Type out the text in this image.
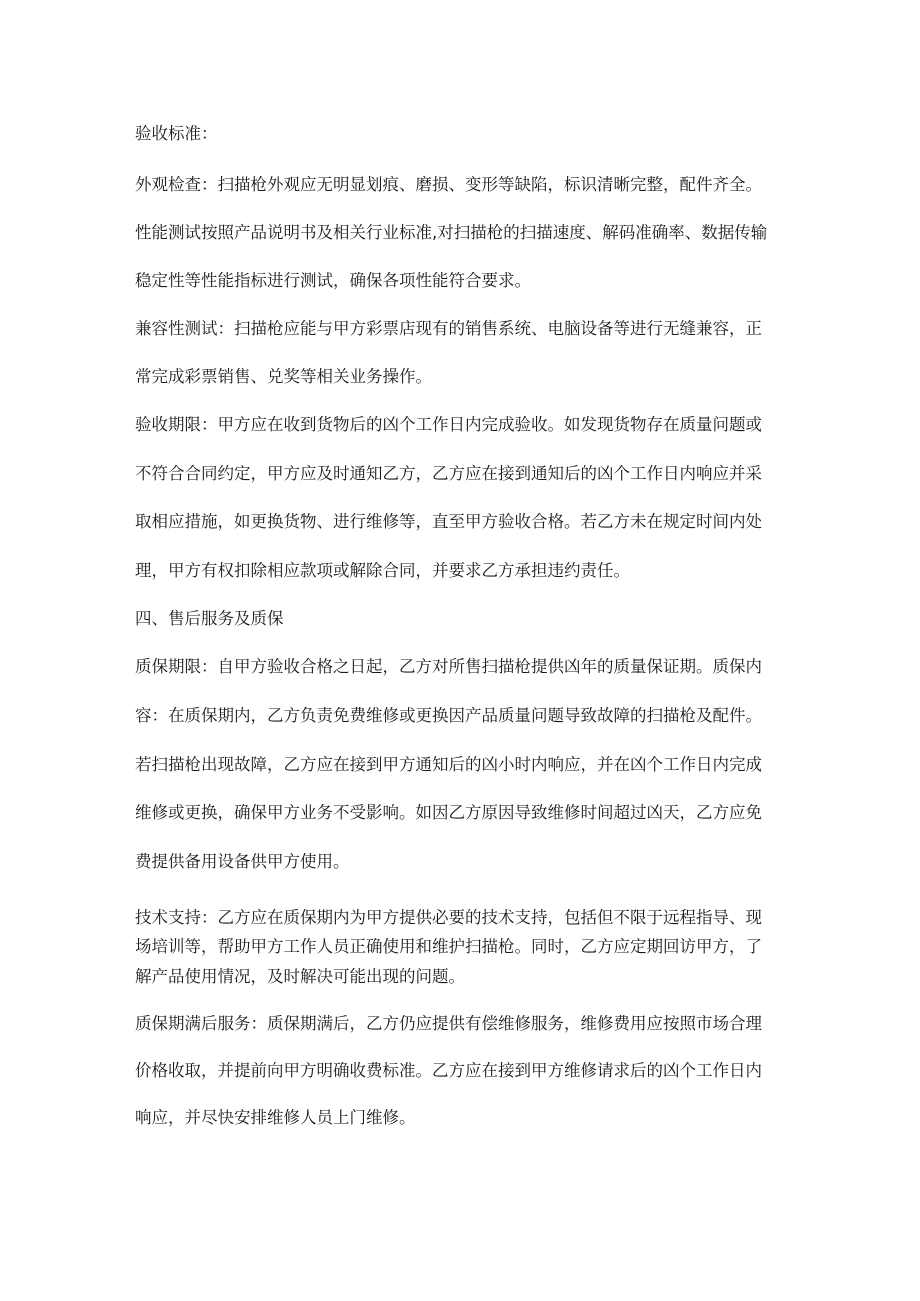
验收标准：
外观检查：扫描枪外观应无明显划痕、磨损、变形等缺陷，标识清晰完整，配件齐全。
性能测试按照产品说明书及相关行业标准,对扫描枪的扫描速度、解码准确率、数据传输
稳定性等性能指标进行测试，确保各项性能符合要求。
兼容性测试：扫描枪应能与甲方彩票店现有的销售系统、电脑设备等进行无缝兼容，正
常完成彩票销售、兑奖等相关业务操作。
验收期限：甲方应在收到货物后的凶个工作日内完成验收。如发现货物存在质量问题或
不符合合同约定，甲方应及时通知乙方，乙方应在接到通知后的凶个工作日内响应并采
取相应措施，如更换货物、进行维修等，直至甲方验收合格。若乙方未在规定时间内处
理，甲方有权扣除相应款项或解除合同，并要求乙方承担违约责任。
四、售后服务及质保
质保期限：自甲方验收合格之日起，乙方对所售扫描枪提供凶年的质量保证期。质保内
容：在质保期内，乙方负责免费维修或更换因产品质量问题导致故障的扫描枪及配件。
若扫描枪出现故障，乙方应在接到甲方通知后的凶小时内响应，并在凶个工作日内完成
维修或更换，确保甲方业务不受影响。如因乙方原因导致维修时间超过凶天，乙方应免
费提供备用设备供甲方使用。
技术支持：乙方应在质保期内为甲方提供必要的技术支持，包括但不限于远程指导、现
场培训等，帮助甲方工作人员正确使用和维护扫描枪。同时，乙方应定期回访甲方，了
解产品使用情况，及时解决可能出现的问题。
质保期满后服务：质保期满后，乙方仍应提供有偿维修服务，维修费用应按照市场合理
价格收取，并提前向甲方明确收费标准。乙方应在接到甲方维修请求后的凶个工作日内
响应，并尽快安排维修人员上门维修。
